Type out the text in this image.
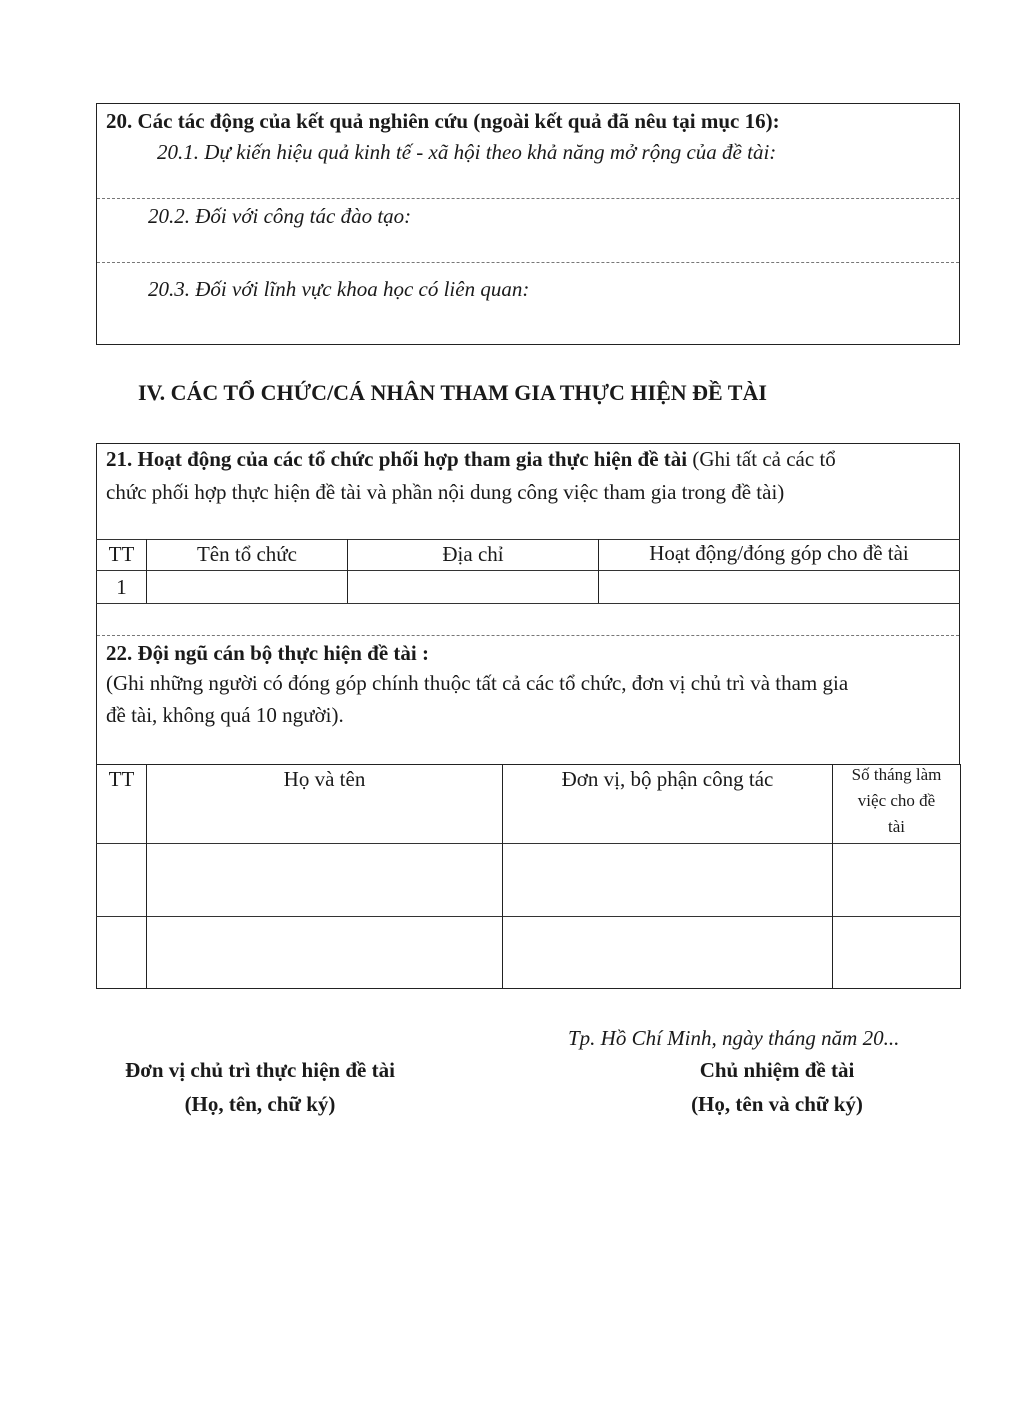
20. Các tác động của kết quả nghiên cứu (ngoài kết quả đã nêu tại mục 16):
20.1. Dự kiến hiệu quả kinh tế - xã hội theo khả năng mở rộng của đề tài:
20.2. Đối với công tác đào tạo:
20.3. Đối với lĩnh vực khoa học có liên quan:
IV. CÁC TỔ CHỨC/CÁ NHÂN THAM GIA THỰC HIỆN ĐỀ TÀI
21. Hoạt động của các tổ chức phối hợp tham gia thực hiện đề tài (Ghi tất cả các tổ
chức phối hợp thực hiện đề tài và phần nội dung công việc tham gia trong đề tài)
TT	Tên tổ chức	Địa chỉ	Hoạt động/đóng góp cho đề tài
1
22. Đội ngũ cán bộ thực hiện đề tài :
(Ghi những người có đóng góp chính thuộc tất cả các tổ chức, đơn vị chủ trì và tham gia
đề tài, không quá 10 người).
TT	Họ và tên	Đơn vị, bộ phận công tác	Số tháng làm
việc cho đề
tài
Tp. Hồ Chí Minh, ngày tháng năm 20...
Đơn vị chủ trì thực hiện đề tài
(Họ, tên, chữ ký)
Chủ nhiệm đề tài
(Họ, tên và chữ ký)
